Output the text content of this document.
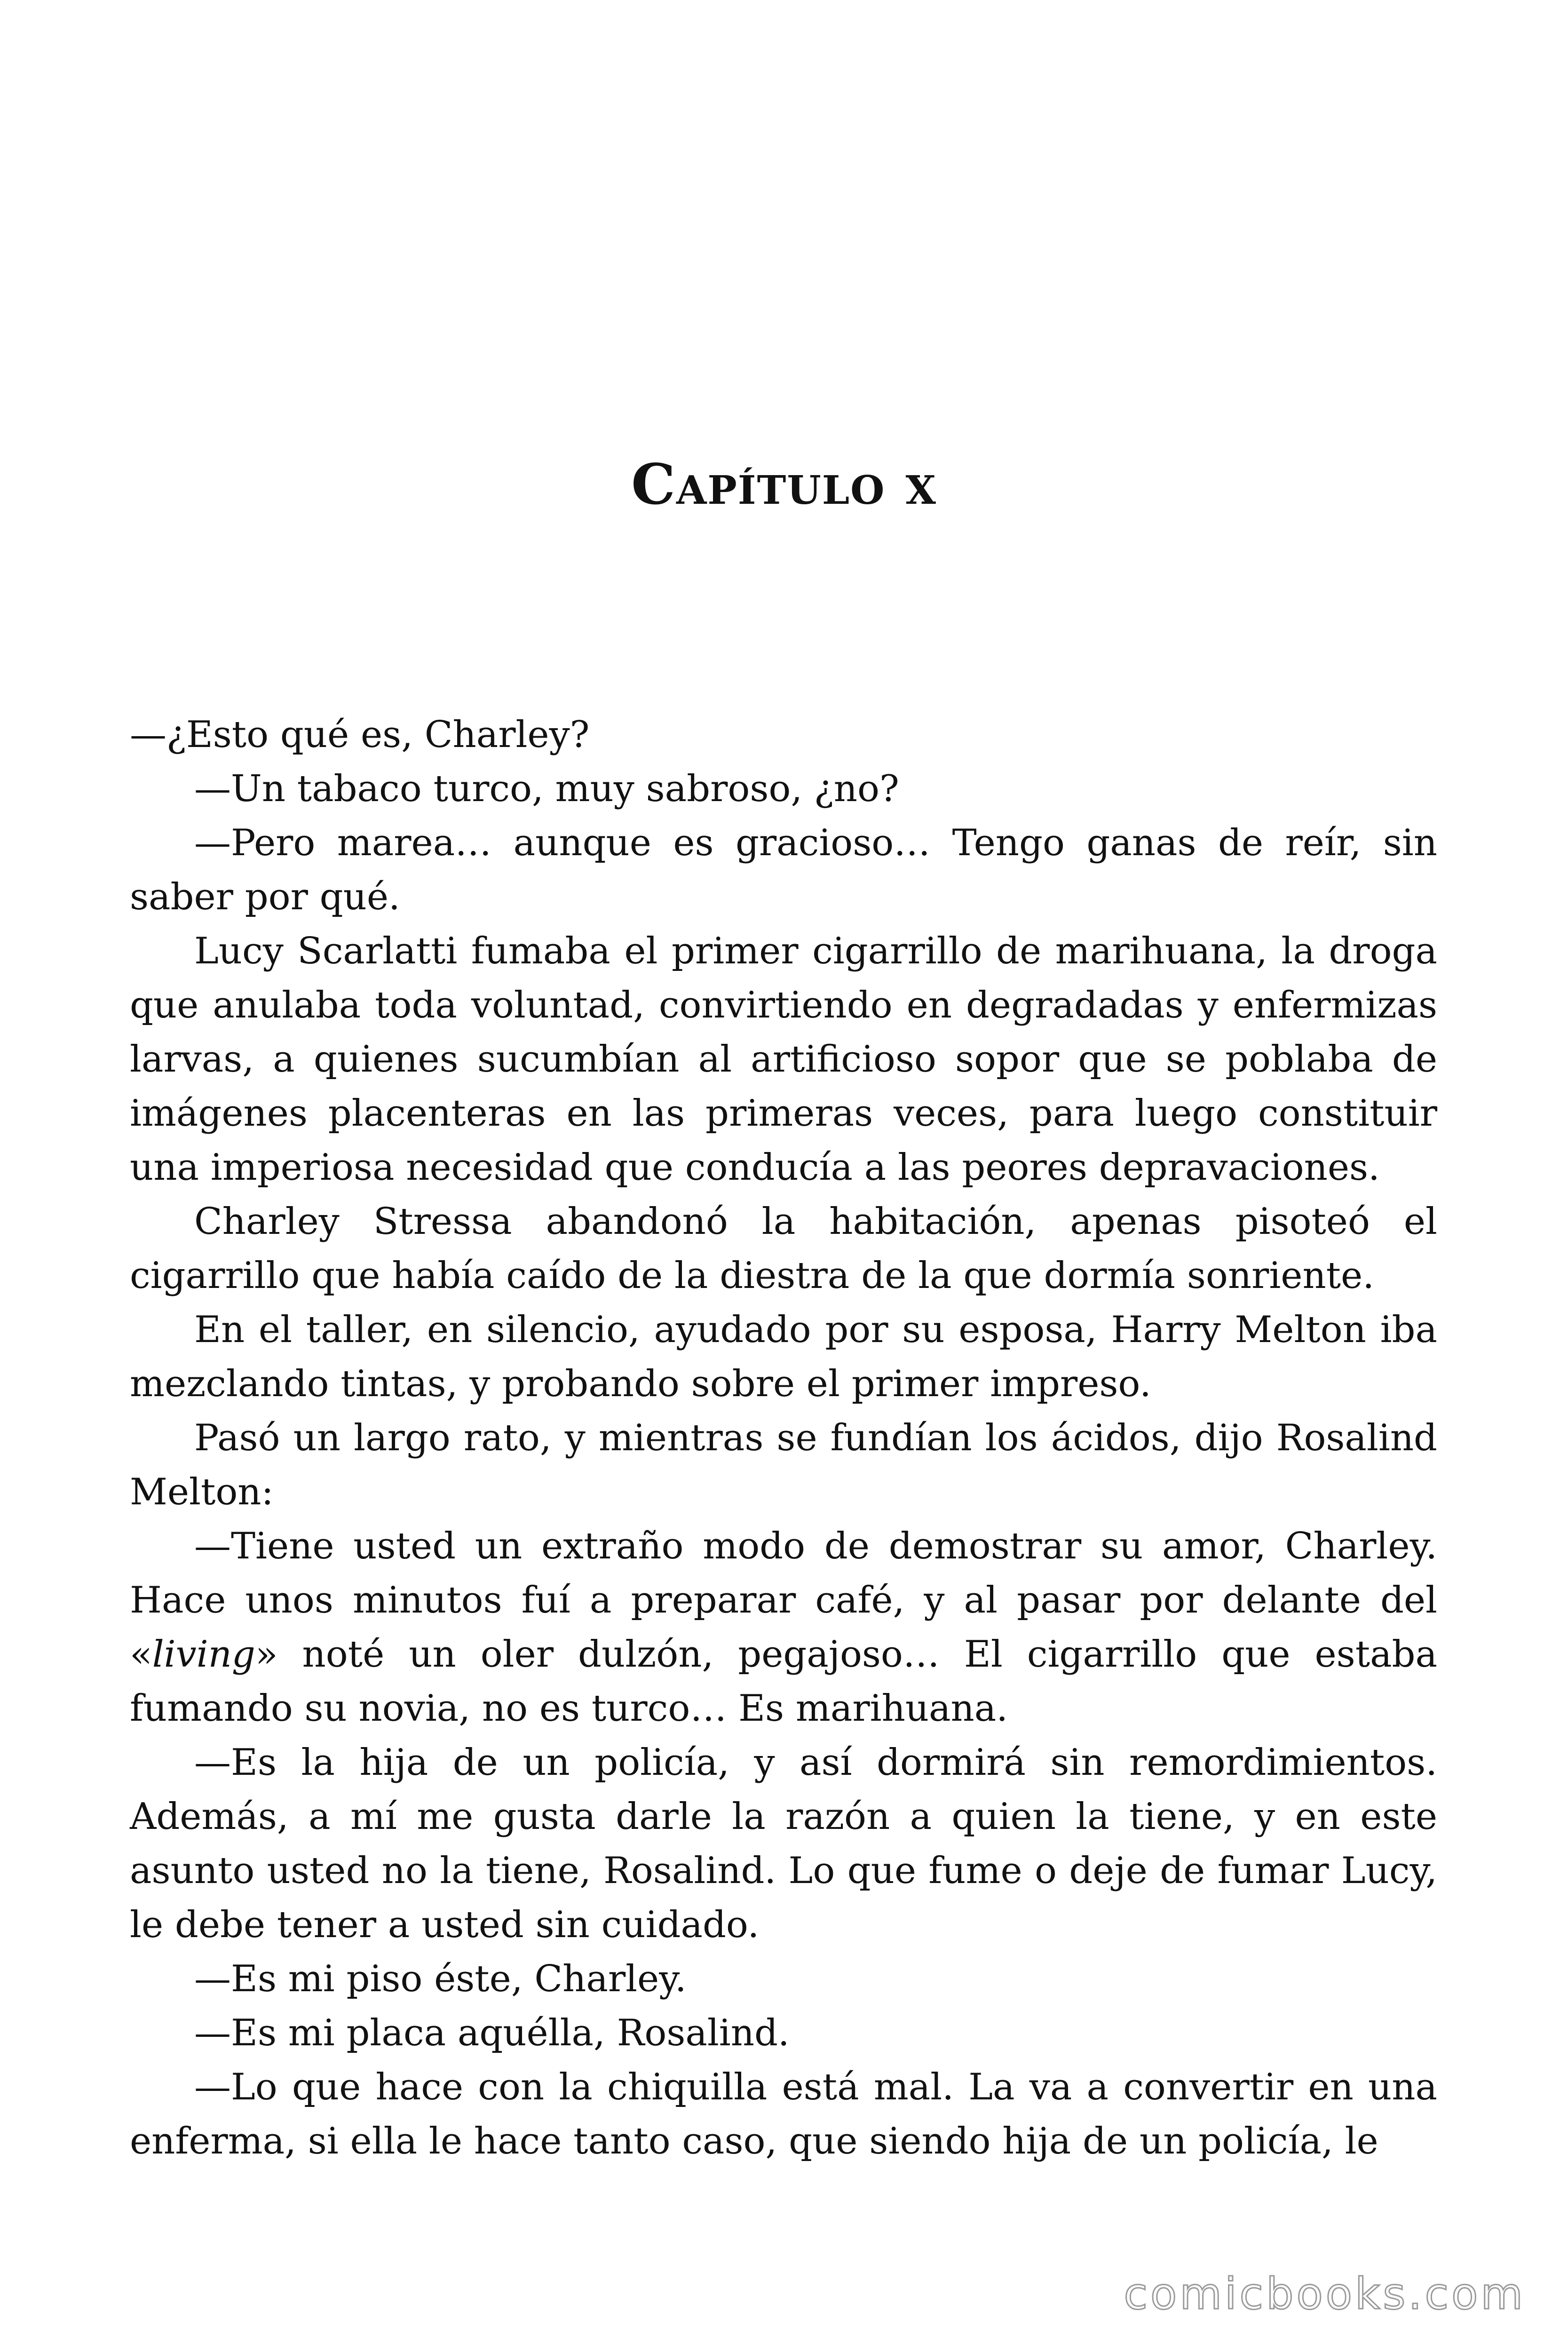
Capítulo x

—¿Esto qué es, Charley?

—Un tabaco turco, muy sabroso, ¿no?

—Pero marea… aunque es gracioso… Tengo ganas de reír, sin saber por qué.

Lucy Scarlatti fumaba el primer cigarrillo de marihuana, la droga que anulaba toda voluntad, convirtiendo en degradadas y enfermizas larvas, a quienes sucumbían al artificioso sopor que se poblaba de imágenes placenteras en las primeras veces, para luego constituir una imperiosa necesidad que conducía a las peores depravaciones.

Charley Stressa abandonó la habitación, apenas pisoteó el cigarrillo que había caído de la diestra de la que dormía sonriente.

En el taller, en silencio, ayudado por su esposa, Harry Melton iba mezclando tintas, y probando sobre el primer impreso.

Pasó un largo rato, y mientras se fundían los ácidos, dijo Rosalind Melton:

—Tiene usted un extraño modo de demostrar su amor, Charley. Hace unos minutos fuí a preparar café, y al pasar por delante del «living» noté un oler dulzón, pegajoso… El cigarrillo que estaba fumando su novia, no es turco… Es marihuana.

—Es la hija de un policía, y así dormirá sin remordimientos. Además, a mí me gusta darle la razón a quien la tiene, y en este asunto usted no la tiene, Rosalind. Lo que fume o deje de fumar Lucy, le debe tener a usted sin cuidado.

—Es mi piso éste, Charley.

—Es mi placa aquélla, Rosalind.

—Lo que hace con la chiquilla está mal. La va a convertir en una enferma, si ella le hace tanto caso, que siendo hija de un policía, le

comicbooks.com
